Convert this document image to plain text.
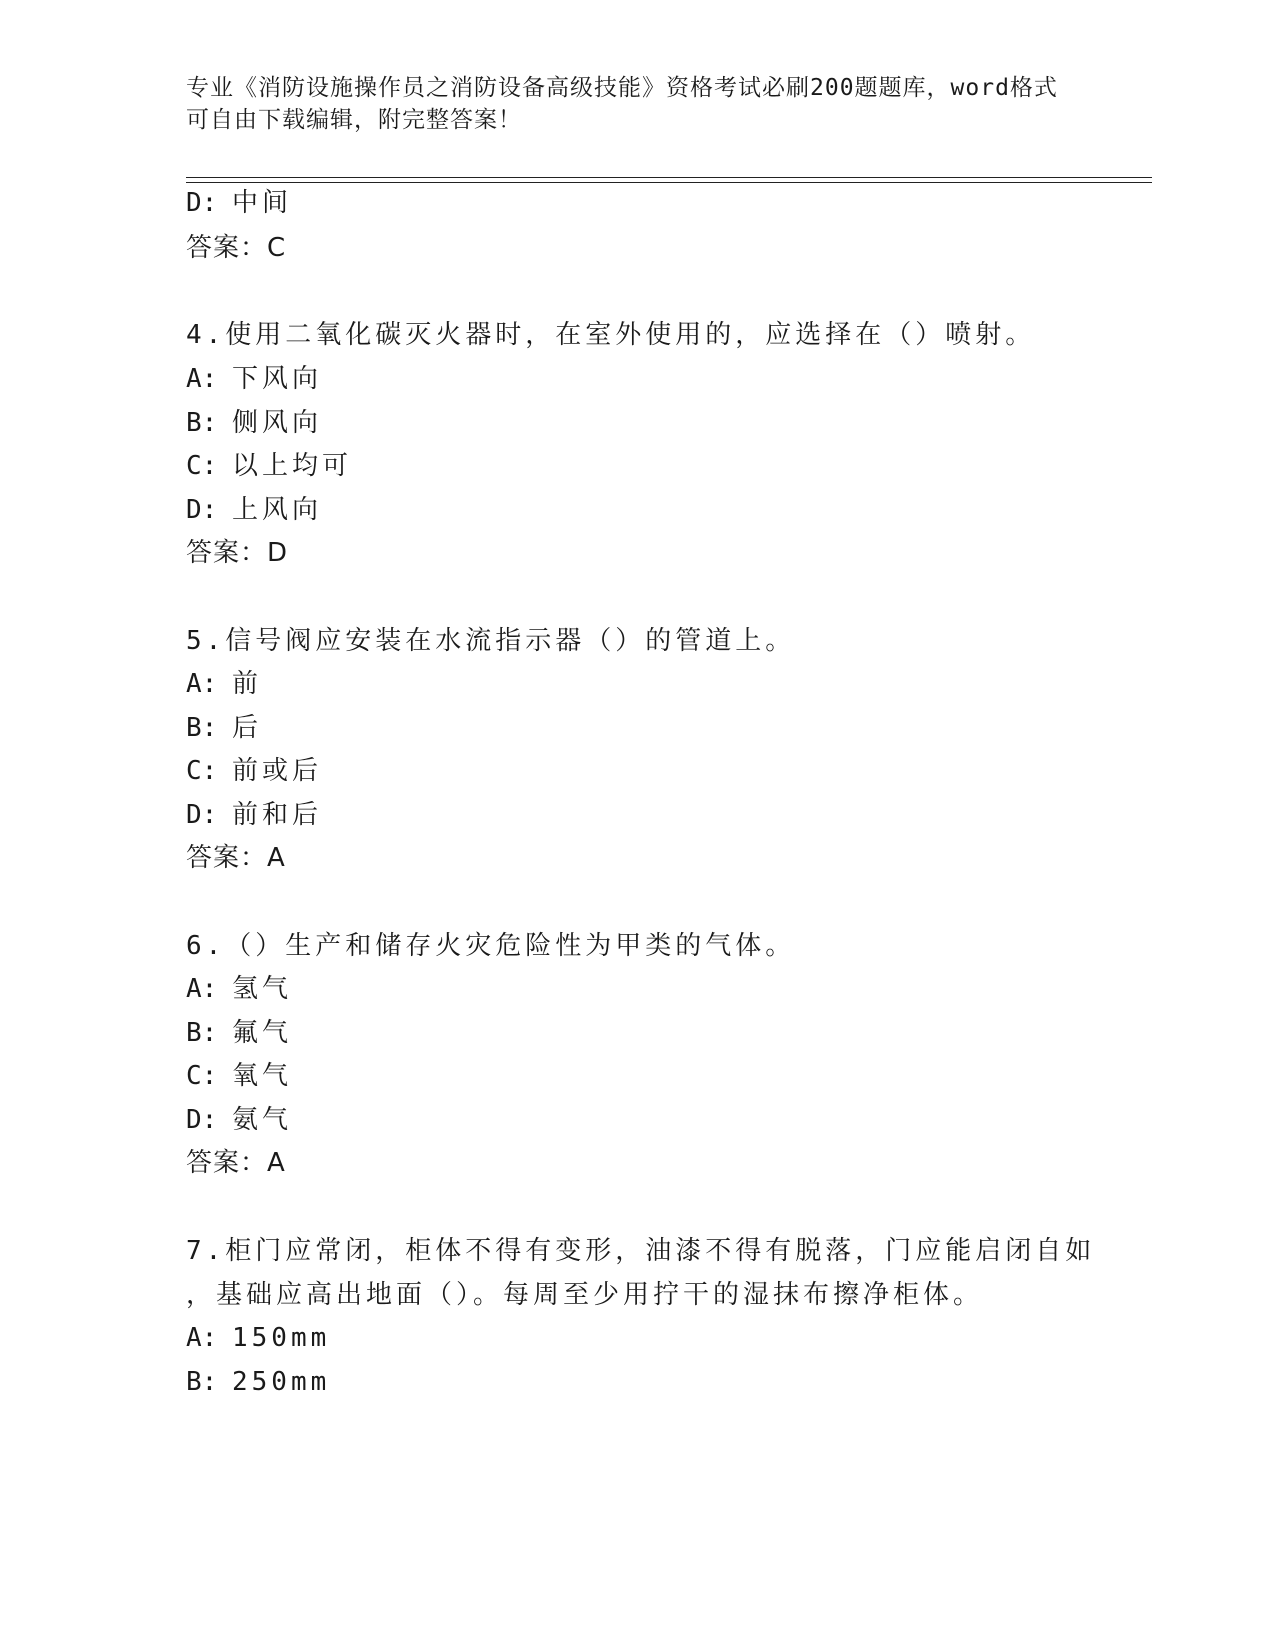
专业《消防设施操作员之消防设备高级技能》资格考试必刷200题题库，word格式可自由下载编辑，附完整答案！
D: 中间
答案：C
4.使用二氧化碳灭火器时，在室外使用的，应选择在（）喷射。
A: 下风向
B: 侧风向
C: 以上均可
D: 上风向
答案：D
5.信号阀应安装在水流指示器（）的管道上。
A: 前
B: 后
C: 前或后
D: 前和后
答案：A
6.（）生产和储存火灾危险性为甲类的气体。
A: 氢气
B: 氟气
C: 氧气
D: 氨气
答案：A
7.柜门应常闭，柜体不得有变形，油漆不得有脱落，门应能启闭自如
，基础应高出地面（）。每周至少用拧干的湿抹布擦净柜体。
A: 150mm
B: 250mm
